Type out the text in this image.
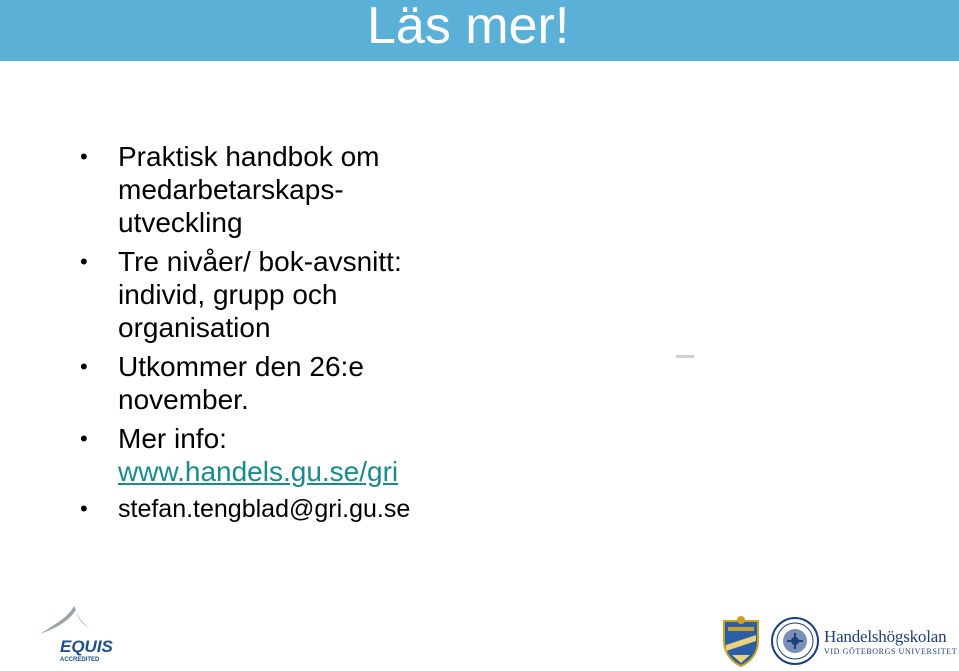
Läs mer!
• Praktisk handbok om
medarbetarskaps-
utveckling
• Tre nivåer/ bok-avsnitt:
individ, grupp och
organisation
• Utkommer den 26:e
november.
• Mer info:
www.handels.gu.se/gri
• stefan.tengblad@gri.gu.se
EQUIS
ACCREDITED
Handelshögskolan
VID GÖTEBORGS UNIVERSITET
